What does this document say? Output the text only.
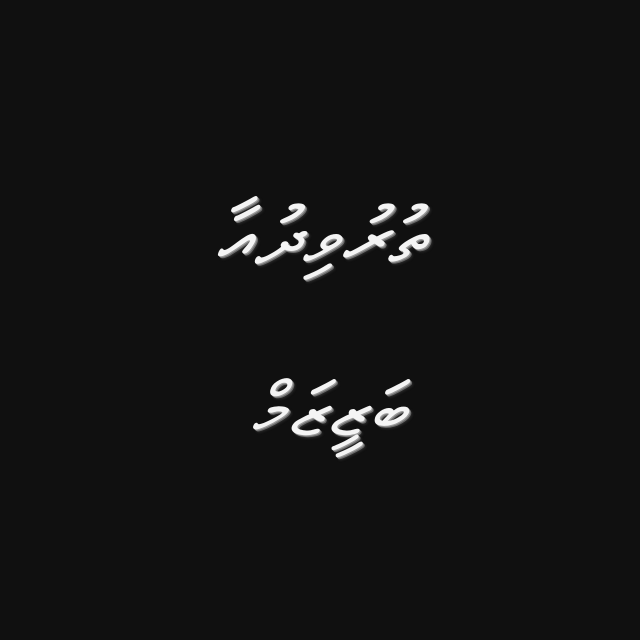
ތުރުވިދުއާ
ބަޒީޒަމް
